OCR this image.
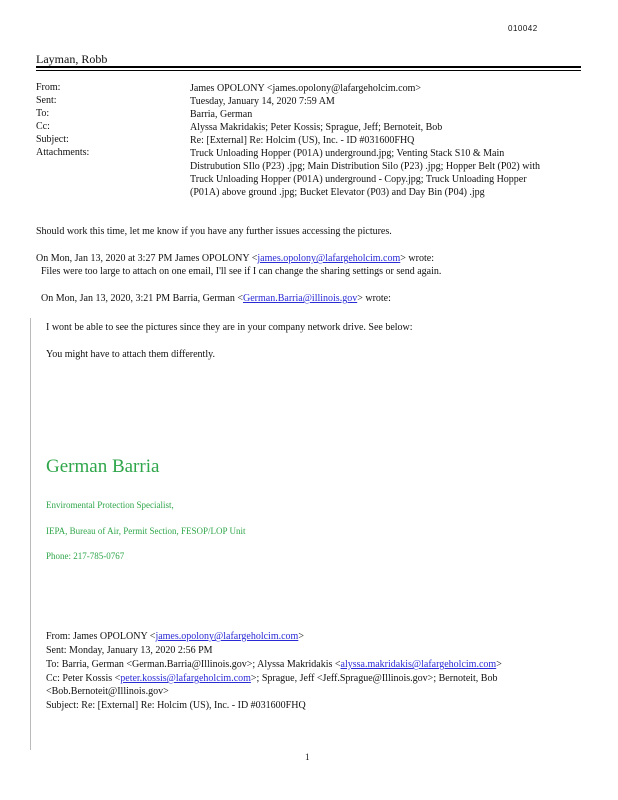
010042
Layman, Robb
From:	James OPOLONY <james.opolony@lafargeholcim.com>
Sent:	Tuesday, January 14, 2020 7:59 AM
To:	Barria, German
Cc:	Alyssa Makridakis; Peter Kossis; Sprague, Jeff; Bernoteit, Bob
Subject:	Re: [External] Re: Holcim (US), Inc. - ID #031600FHQ
Attachments:	Truck Unloading Hopper (P01A) underground.jpg; Venting Stack S10 & Main Distrubution SIlo (P23) .jpg; Main Distribution Silo (P23) .jpg; Hopper Belt (P02) with Truck Unloading Hopper (P01A) underground - Copy.jpg; Truck Unloading Hopper (P01A) above ground .jpg; Bucket Elevator (P03) and Day Bin (P04) .jpg
Should work this time, let me know if you have any further issues accessing the pictures.
On Mon, Jan 13, 2020 at 3:27 PM James OPOLONY <james.opolony@lafargeholcim.com> wrote:
Files were too large to attach on one email, I'll see if I can change the sharing settings or send again.
On Mon, Jan 13, 2020, 3:21 PM Barria, German <German.Barria@illinois.gov> wrote:
I wont be able to see the pictures since they are in your company network drive. See below:
You might have to attach them differently.
German Barria
Enviromental Protection Specialist,
IEPA, Bureau of Air, Permit Section, FESOP/LOP Unit
Phone: 217-785-0767
From: James OPOLONY <james.opolony@lafargeholcim.com>
Sent: Monday, January 13, 2020 2:56 PM
To: Barria, German <German.Barria@Illinois.gov>; Alyssa Makridakis <alyssa.makridakis@lafargeholcim.com>
Cc: Peter Kossis <peter.kossis@lafargeholcim.com>; Sprague, Jeff <Jeff.Sprague@Illinois.gov>; Bernoteit, Bob
<Bob.Bernoteit@Illinois.gov>
Subject: Re: [External] Re: Holcim (US), Inc. - ID #031600FHQ
1
